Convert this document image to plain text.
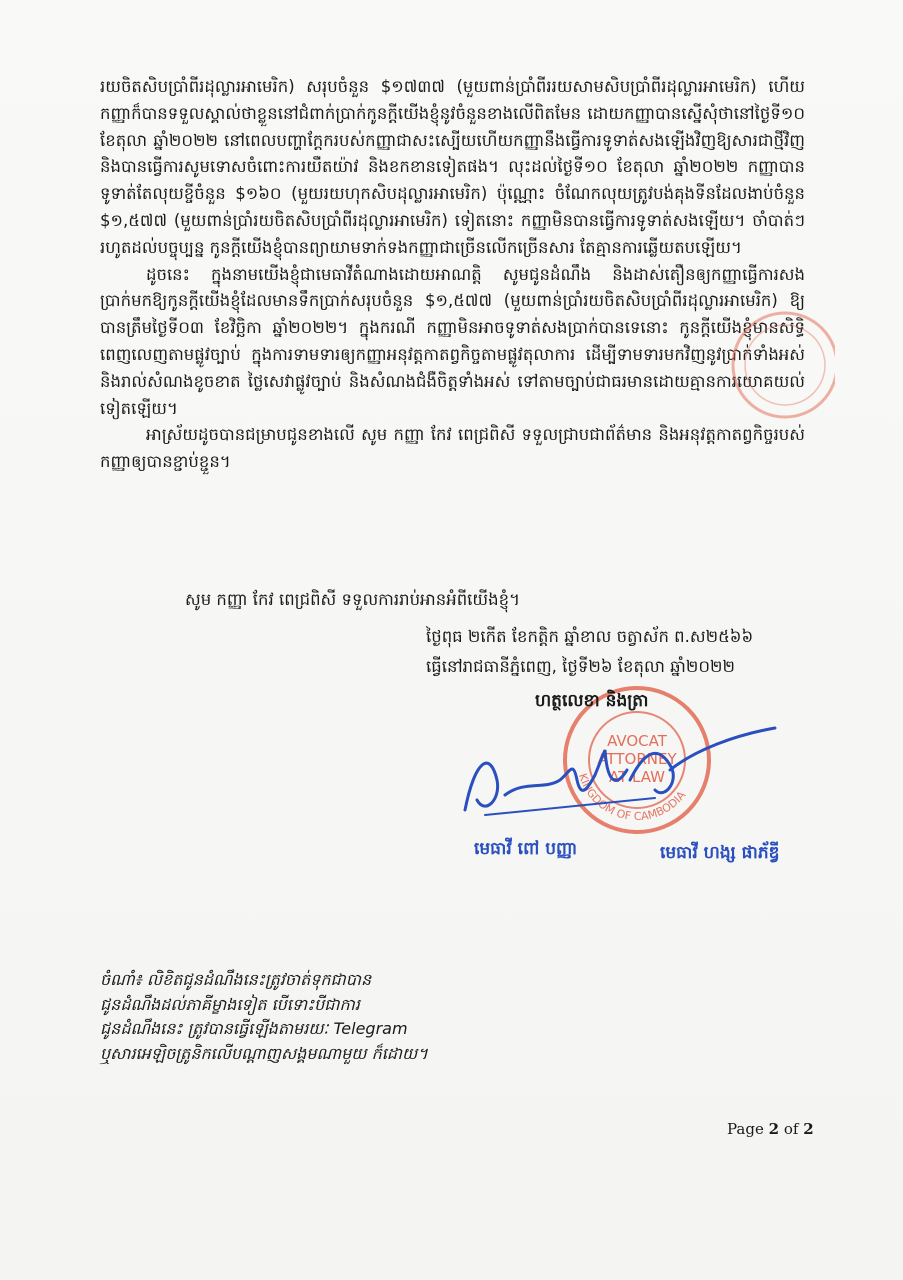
រយចិតសិបប្រាំពីរដុល្លារអាមេរិក) សរុបចំនួន $១៧៣៧ (មួយពាន់ប្រាំពីររយសាមសិបប្រាំពីរដុល្លារអាមេរិក) ហើយ កញ្ញាក៏បានទទួលស្គាល់ថាខ្លួននៅជំពាក់ប្រាក់កូនក្តីយើងខ្ញុំនូវចំនួនខាងលើពិតមែន ដោយកញ្ញាបានស្នើសុំថានៅថ្ងៃទី១០ ខែតុលា ឆ្នាំ២០២២ នៅពេលបញ្ហាក្តែករបស់កញ្ញាជាសះស្បើយហើយកញ្ញានឹងធ្វើការទូទាត់សងឡើងវិញឱ្យសារជាថ្មីវិញ និងបានធ្វើការសូមទោសចំពោះការយឺតយ៉ាវ និងខកខានទៀតផង។ លុះដល់ថ្ងៃទី១០ ខែតុលា ឆ្នាំ២០២២ កញ្ញាបានទូទាត់តែលុយខ្ចីចំនួន $១៦០ (មួយរយហុកសិបដុល្លារអាមេរិក) ប៉ុណ្ណោះ ចំណែកលុយត្រូវបង់គុងទីនដែលងាប់ចំនួន $១,៥៧៧ (មួយពាន់ប្រាំរយចិតសិបប្រាំពីរដុល្លារអាមេរិក) ទៀតនោះ កញ្ញាមិនបានធ្វើការទូទាត់សងឡើយ។ ចាំបាត់ៗរហូតដល់បច្ចុប្បន្ន កូនក្តីយើងខ្ញុំបានព្យាយាមទាក់ទងកញ្ញាជាច្រើនលើកច្រើនសារ តែគ្មានការឆ្លើយតបឡើយ។

ដូចនេះ ក្នុងនាមយើងខ្ញុំជាមេធាវីតំណាងដោយអាណត្តិ សូមជូនដំណឹង និងដាស់តឿនឲ្យកញ្ញាធ្វើការសងប្រាក់មកឱ្យកូនក្តីយើងខ្ញុំដែលមានទឹកប្រាក់សរុបចំនួន $១,៥៧៧ (មួយពាន់ប្រាំរយចិតសិបប្រាំពីរដុល្លារអាមេរិក) ឱ្យបានត្រឹមថ្ងៃទី០៣ ខែវិច្ឆិកា ឆ្នាំ២០២២។ ក្នុងករណី កញ្ញាមិនអាចទូទាត់សងប្រាក់បានទេនោះ កូនក្តីយើងខ្ញុំមានសិទ្ធិពេញលេញតាមផ្លូវច្បាប់ ក្នុងការទាមទារឲ្យកញ្ញាអនុវត្តកាតព្វកិច្ចតាមផ្លូវតុលាការ ដើម្បីទាមទារមកវិញនូវប្រាក់ទាំងអស់ និងរាល់សំណងខូចខាត ថ្លៃសេវាផ្លូវច្បាប់ និងសំណងជំងឺចិត្តទាំងអស់ ទៅតាមច្បាប់ជាធរមានដោយគ្មានការយោគយល់ទៀតឡើយ។

អាស្រ័យដូចបានជម្រាបជូនខាងលើ សូម កញ្ញា កែវ ពេជ្រពិសី ទទួលជ្រាបជាព័ត៌មាន និងអនុវត្តកាតព្វកិច្ចរបស់កញ្ញាឲ្យបានខ្ជាប់ខ្ជួន។

សូម កញ្ញា កែវ ពេជ្រពិសី ទទួលការរាប់អានអំពីយើងខ្ញុំ។
ថ្ងៃពុធ ២កើត ខែកត្តិក ឆ្នាំខាល ចត្វាស័ក ព.ស២៥៦៦
ធ្វើនៅរាជធានីភ្នំពេញ, ថ្ងៃទី២៦ ខែតុលា ឆ្នាំ២០២២
KINGDOM OF CAMBODIA
AVOCAT
ATTORNEY
AT LAW
ហត្ថលេខា និងត្រា
មេធាវី ពៅ បញ្ញា	មេធាវី ហង្ស ផាភ័ឌ្វី
ចំណាំ៖ លិខិតជូនដំណឹងនេះត្រូវចាត់ទុកជាបាន
ជូនដំណឹងដល់ភាគីម្ខាងទៀត បើទោះបីជាការ
ជូនដំណឹងនេះ ត្រូវបានធ្វើឡើងតាមរយៈ Telegram
ឬសារអេឡិចត្រូនិកលើបណ្តាញសង្គមណាមួយ ក៏ដោយ។
Page 2 of 2
